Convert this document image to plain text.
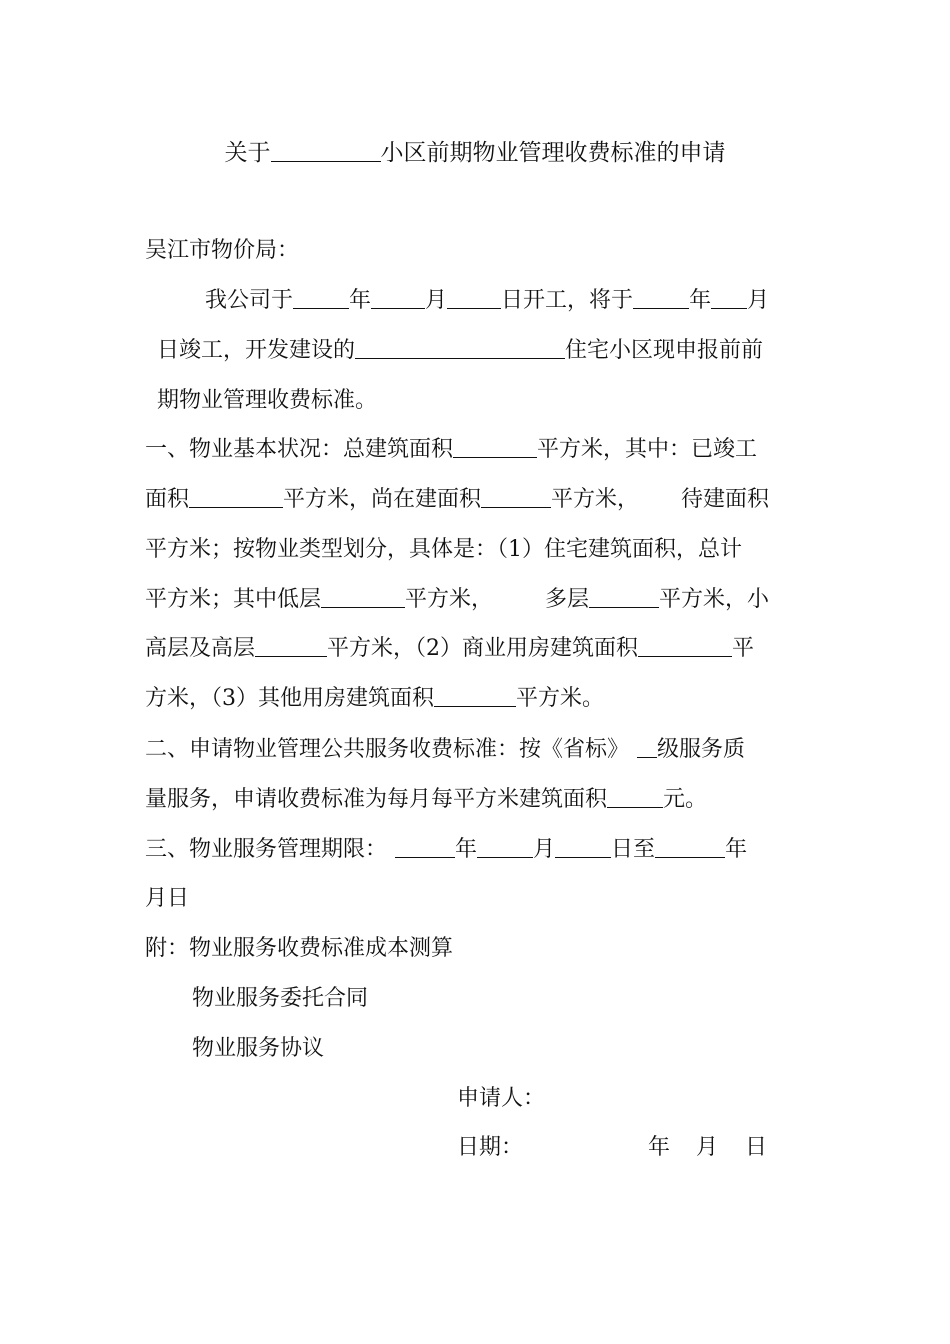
关于	小区前期物业管理收费标准的申请
吴江市物价局：
我公司于	年 月 日开工，将于	年 月
日竣工，开发建设的	住宅小区现申报前前
期物业管理收费标准。
一、物业基本状况：总建筑面积	平方米，其中：已竣工
面积	平方米，尚在建面积	平方米， 待建面积
平方米；按物业类型划分，具体是：（1）住宅建筑面积，总计
平方米；其中低层	平方米， 多层	平方米，小
高层及高层	平方米，（2）商业用房建筑面积	平
方米，（3）其他用房建筑面积	平方米。
二、申请物业管理公共服务收费标准：按《省标》 级服务质
量服务，申请收费标准为每月每平方米建筑面积	元。
三、物业服务管理期限：	年	月	日至	年
月日
附：物业服务收费标准成本测算
物业服务委托合同
物业服务协议
申请人：
日期：	年 月 日
